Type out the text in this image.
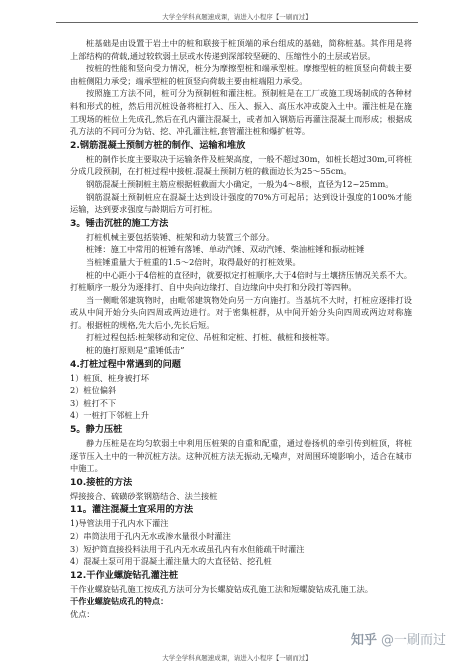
大学全学科真题速成课，请进入小程序【一刷而过】

桩基础是由设置于岩土中的桩和联接于桩顶端的承台组成的基础，简称桩基。其作用是将上部结构的荷载,通过较软弱土层或水传递到深部较坚硬的、压缩性小的土层或岩层。

按桩的性能和竖向受力情况，桩分为摩擦型桩和端承型桩。摩擦型桩的桩顶竖向荷载主要由桩侧阻力承受；端承型桩的桩顶竖向荷载主要由桩端阻力承受。

按照施工方法不同，桩可分为预制桩和灌注桩。预制桩是在工厂或施工现场制成的各种材料和形式的桩，然后用沉桩设备将桩打入、压入、振入、高压水冲或旋入土中。灌注桩是在施工现场的桩位上先成孔,然后在孔内灌注混凝土，或者加入钢筋后再灌注混凝土而形成；根据成孔方法的不同可分为钻、挖、冲孔灌注桩,套管灌注桩和爆扩桩等。

2.钢筋混凝土预制方桩的制作、运输和堆放

桩的制作长度主要取决于运输条件及桩架高度，一般不超过30m，如桩长超过30m,可将桩分成几段预制，在打桩过程中接桩.混凝土预制方桩的截面边长为25～55cm。

钢筋混凝土预制桩主筋应根据桩截面大小确定，一般为4～8根，直径为12~25mm。

钢筋混凝土预制桩应在混凝土达到设计强度的70%方可起吊；达到设计强度的100%才能运输，达到要求强度与龄期后方可打桩。

3。锤击沉桩的施工方法

打桩机械主要包括装锤、桩架和动力装置三个部分。

桩锤：施工中常用的桩锤有落锤、单动汽锤、双动汽锤、柴油桩锤和振动桩锤

当桩锤重量大于桩重的1.5～2倍时，取得最好的打桩效果。

桩的中心距小于4倍桩的直径时，就要拟定打桩顺序,大于4倍时与土壤挤压情况关系不大。打桩顺序一般分为逐排打、自中央向边缘打、自边缘向中央打和分段打等四种。

当一侧毗邻建筑物时，由毗邻建筑物处向另一方向施打。当基坑不大时，打桩应逐排打设或从中间开始分头向四周或两边进行。对于密集桩群，从中间开始分头向四周或两边对称施打。根据桩的规格,先大后小,先长后短。

打桩过程包括:桩架移动和定位、吊桩和定桩、打桩、截桩和接桩等。

桩的施打原则是“重锤低击”

4.打桩过程中常遇到的问题

1）桩顶、桩身被打坏

2）桩位偏斜

3）桩打不下

4）一桩打下邻桩上升

5。静力压桩

静力压桩是在均匀软弱土中利用压桩架的自重和配重，通过卷扬机的牵引传到桩顶，将桩逐节压入土中的一种沉桩方法。这种沉桩方法无振动,无噪声，对周围环境影响小，适合在城市中施工。

10.接桩的方法

焊接接合、硫磺砂浆钢筋结合、法兰接桩

11。灌注混凝土宜采用的方法

1)导管法用于孔内水下灌注

2）串筒法用于孔内无水或渗水量很小时灌注

3）短护筒直接投料法用于孔内无水或虽孔内有水但能疏干时灌注

4）混凝土泵可用于混凝土灌注量大的大直径钻、挖孔桩

12.干作业螺旋钻孔灌注桩

干作业螺旋钻孔施工按成孔方法可分为长螺旋钻成孔施工法和短螺旋钻成孔施工法。

干作业螺旋钻成孔的特点：

优点：

知乎 @一刷而过
大学全学科真题速成课，请进入小程序【一刷而过】
